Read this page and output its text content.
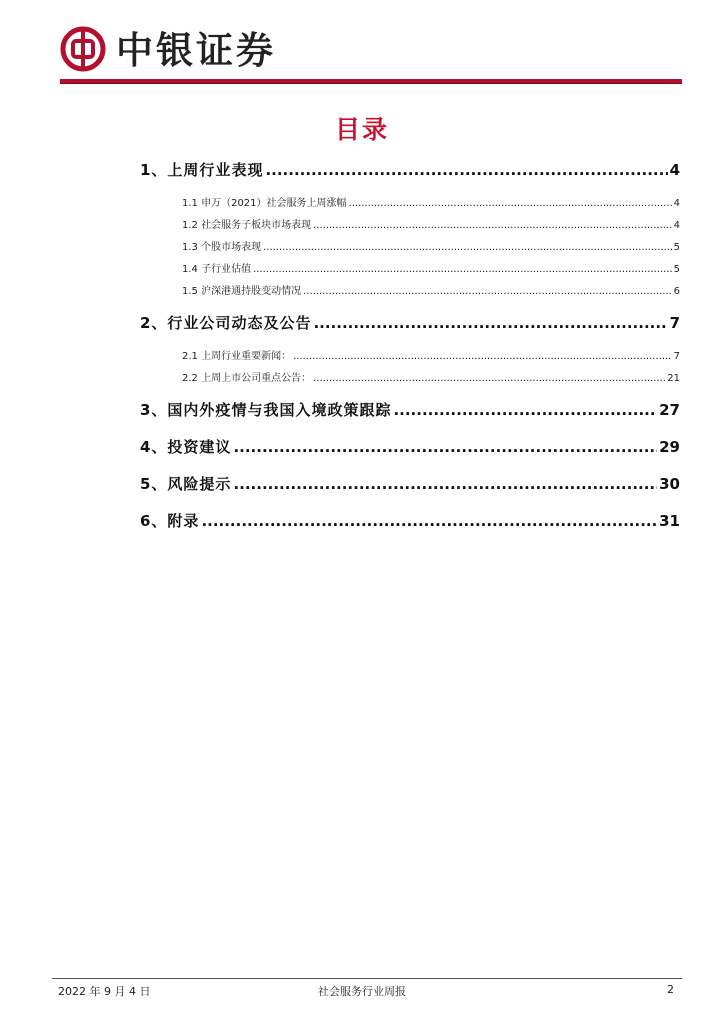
中银证券
目录
1、上周行业表现 .....	4
1.1 申万（2021）社会服务上周涨幅 .....	4
1.2 社会服务子板块市场表现 .....	4
1.3 个股市场表现 .....	5
1.4 子行业估值 .....	5
1.5 沪深港通持股变动情况 .....	6
2、行业公司动态及公告 .....	7
2.1 上周行业重要新闻： .....	7
2.2 上周上市公司重点公告： .....	21
3、国内外疫情与我国入境政策跟踪 .....	27
4、投资建议 .....	29
5、风险提示 .....	30
6、附录 .....	31
2022 年 9 月 4 日	社会服务行业周报	2
